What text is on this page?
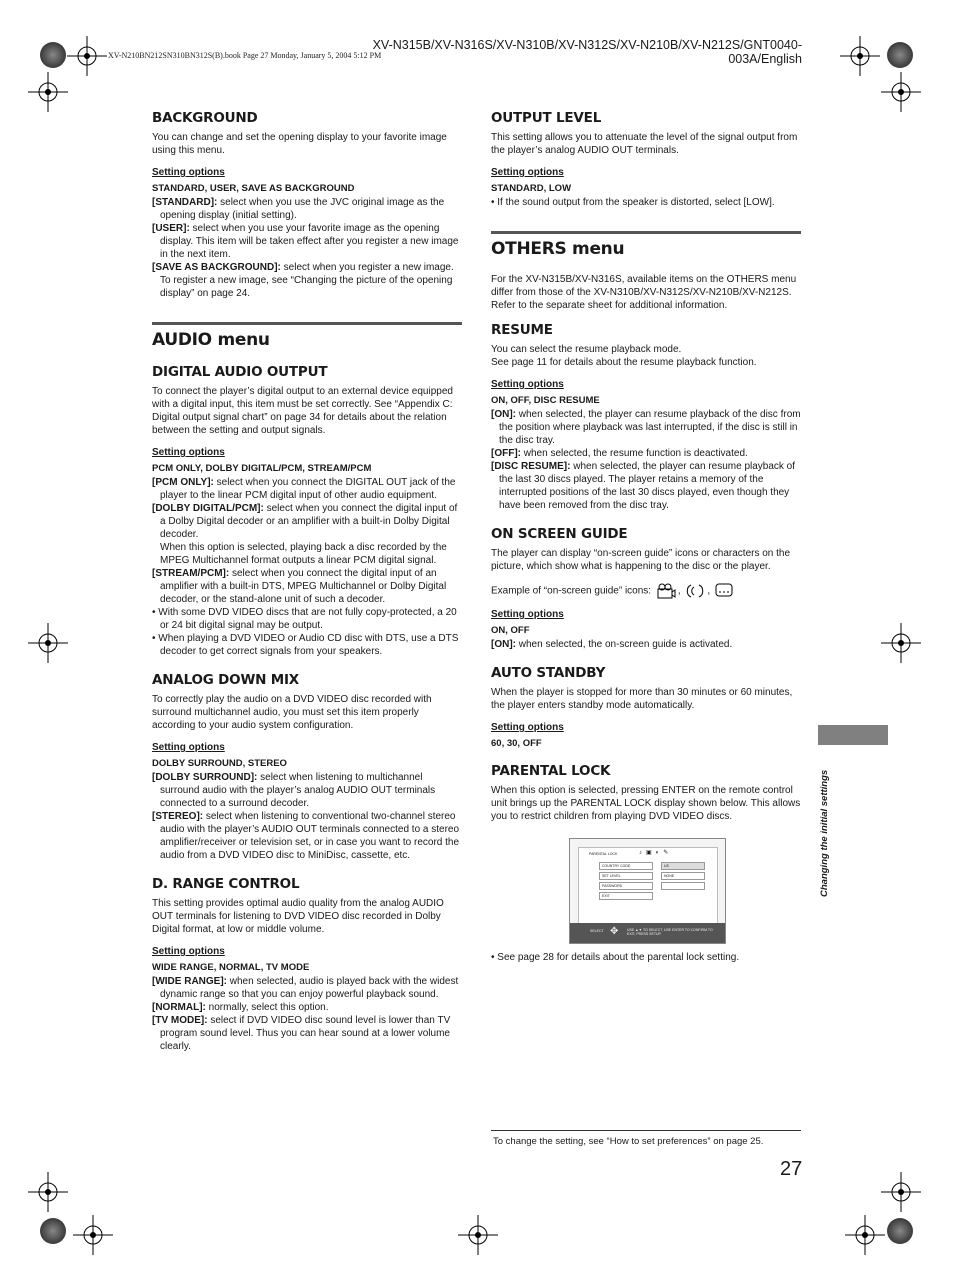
XV-N315B/XV-N316S/XV-N310B/XV-N312S/XV-N210B/XV-N212S/GNT0040-003A/English
XV-N210BN212SN310BN312S(B).book Page 27 Monday, January 5, 2004 5:12 PM
BACKGROUND

You can change and set the opening display to your favorite image using this menu.

Setting options
STANDARD, USER, SAVE AS BACKGROUND

[STANDARD]: select when you use the JVC original image as the opening display (initial setting).

[USER]: select when you use your favorite image as the opening display. This item will be taken effect after you register a new image in the next item.

[SAVE AS BACKGROUND]: select when you register a new image. To register a new image, see “Changing the picture of the opening display” on page 24.

AUDIO menu
DIGITAL AUDIO OUTPUT

To connect the player’s digital output to an external device equipped with a digital input, this item must be set correctly. See “Appendix C: Digital output signal chart” on page 34 for details about the relation between the setting and output signals.

Setting options
PCM ONLY, DOLBY DIGITAL/PCM, STREAM/PCM

[PCM ONLY]: select when you connect the DIGITAL OUT jack of the player to the linear PCM digital input of other audio equipment.

[DOLBY DIGITAL/PCM]: select when you connect the digital input of a Dolby Digital decoder or an amplifier with a built-in Dolby Digital decoder.

When this option is selected, playing back a disc recorded by the MPEG Multichannel format outputs a linear PCM digital signal.

[STREAM/PCM]: select when you connect the digital input of an amplifier with a built-in DTS, MPEG Multichannel or Dolby Digital decoder, or the stand-alone unit of such a decoder.

• With some DVD VIDEO discs that are not fully copy-protected, a 20 or 24 bit digital signal may be output.

• When playing a DVD VIDEO or Audio CD disc with DTS, use a DTS decoder to get correct signals from your speakers.

ANALOG DOWN MIX

To correctly play the audio on a DVD VIDEO disc recorded with surround multichannel audio, you must set this item properly according to your audio system configuration.

Setting options
DOLBY SURROUND, STEREO

[DOLBY SURROUND]: select when listening to multichannel surround audio with the player’s analog AUDIO OUT terminals connected to a surround decoder.

[STEREO]: select when listening to conventional two-channel stereo audio with the player’s AUDIO OUT terminals connected to a stereo amplifier/receiver or television set, or in case you want to record the audio from a DVD VIDEO disc to MiniDisc, cassette, etc.

D. RANGE CONTROL

This setting provides optimal audio quality from the analog AUDIO OUT terminals for listening to DVD VIDEO disc recorded in Dolby Digital format, at low or middle volume.

Setting options
WIDE RANGE, NORMAL, TV MODE

[WIDE RANGE]: when selected, audio is played back with the widest dynamic range so that you can enjoy powerful playback sound.

[NORMAL]: normally, select this option.

[TV MODE]: select if DVD VIDEO disc sound level is lower than TV program sound level. Thus you can hear sound at a lower volume clearly.

OUTPUT LEVEL

This setting allows you to attenuate the level of the signal output from the player’s analog AUDIO OUT terminals.

Setting options
STANDARD, LOW

• If the sound output from the speaker is distorted, select [LOW].

OTHERS menu

For the XV-N315B/XV-N316S, available items on the OTHERS menu differ from those of the XV-N310B/XV-N312S/XV-N210B/XV-N212S. Refer to the separate sheet for additional information.

RESUME

You can select the resume playback mode.

See page 11 for details about the resume playback function.

Setting options
ON, OFF, DISC RESUME

[ON]: when selected, the player can resume playback of the disc from the position where playback was last interrupted, if the disc is still in the disc tray.

[OFF]: when selected, the resume function is deactivated.

[DISC RESUME]: when selected, the player can resume playback of the last 30 discs played. The player retains a memory of the interrupted positions of the last 30 discs played, even though they have been removed from the disc tray.

ON SCREEN GUIDE

The player can display “on-screen guide” icons or characters on the picture, which show what is happening to the disc or the player.

Example of “on-screen guide” icons: ,	,

Setting options
ON, OFF

[ON]: when selected, the on-screen guide is activated.

AUTO STANDBY

When the player is stopped for more than 30 minutes or 60 minutes, the player enters standby mode automatically.

Setting options
60, 30, OFF
PARENTAL LOCK

When this option is selected, pressing ENTER on the remote control unit brings up the PARENTAL LOCK display shown below. This allows you to restrict children from playing DVD VIDEO discs.

PARENTAL LOCK	♪▣◐✎
COUNTRY CODE
SET LEVEL
PASSWORD
EXIT
US
NONE
SELECT ✥ USE ▲▼ TO SELECT, USE ENTER TO CONFIRM TO EXIT, PRESS SETUP.

• See page 28 for details about the parental lock setting.

Changing the initial settings
To change the setting, see “How to set preferences” on page 25.
27
